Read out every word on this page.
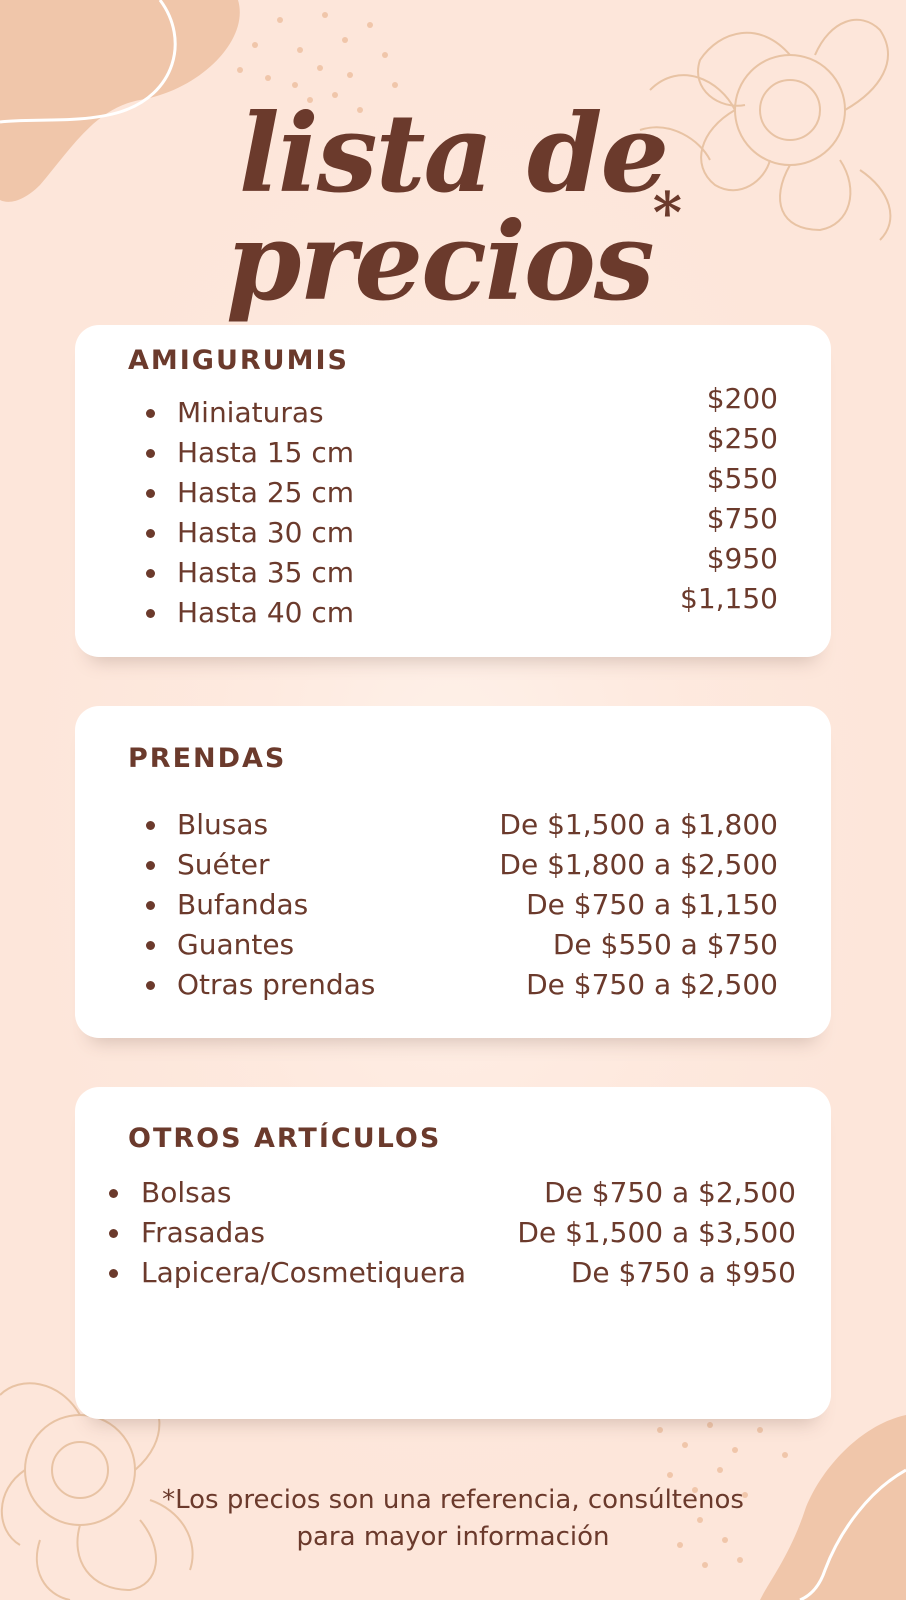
lista de precios*
AMIGURUMIS
Miniaturas	$200
Hasta 15 cm	$250
Hasta 25 cm	$550
Hasta 30 cm	$750
Hasta 35 cm	$950
Hasta 40 cm	$1,150
PRENDAS
Blusas	De $1,500 a $1,800
Suéter	De $1,800 a $2,500
Bufandas	De $750 a $1,150
Guantes	De $550 a $750
Otras prendas	De $750 a $2,500
OTROS ARTÍCULOS
Bolsas	De $750 a $2,500
Frasadas	De $1,500 a $3,500
Lapicera/Cosmetiquera	De $750 a $950
*Los precios son una referencia, consúltenos
para mayor información
